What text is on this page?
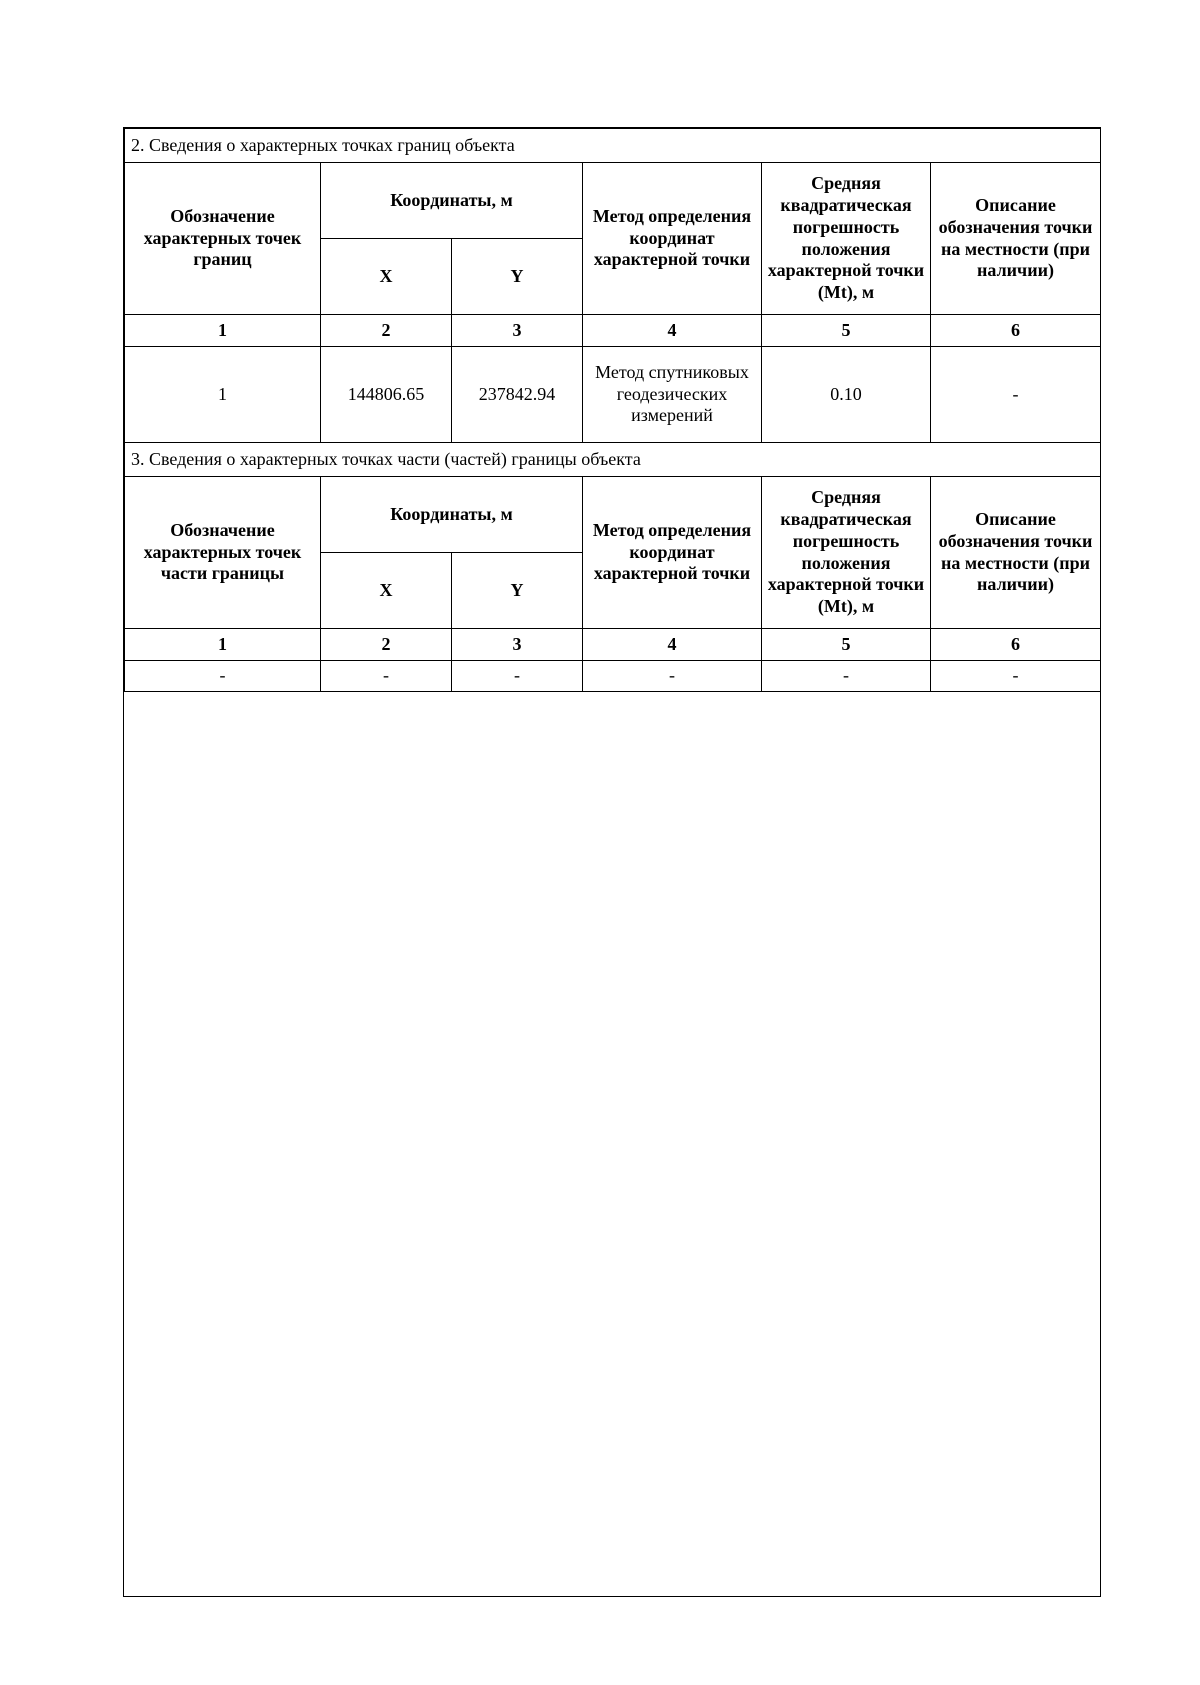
2. Сведения о характерных точках границ объекта					
Обозначение характерных точек границ	Координаты, м		Метод определения координат характерной точки	Средняя квадратическая погрешность положения характерной точки (Mt), м	Описание обозначения точки на местности (при наличии)
	X	Y			
1	2	3	4	5	6
1	144806.65	237842.94	Метод спутниковых геодезических измерений	0.10	-
3. Сведения о характерных точках части (частей) границы объекта					
Обозначение характерных точек части границы	Координаты, м		Метод определения координат характерной точки	Средняя квадратическая погрешность положения характерной точки (Mt), м	Описание обозначения точки на местности (при наличии)
	X	Y			
1	2	3	4	5	6
-	-	-	-	-	-
